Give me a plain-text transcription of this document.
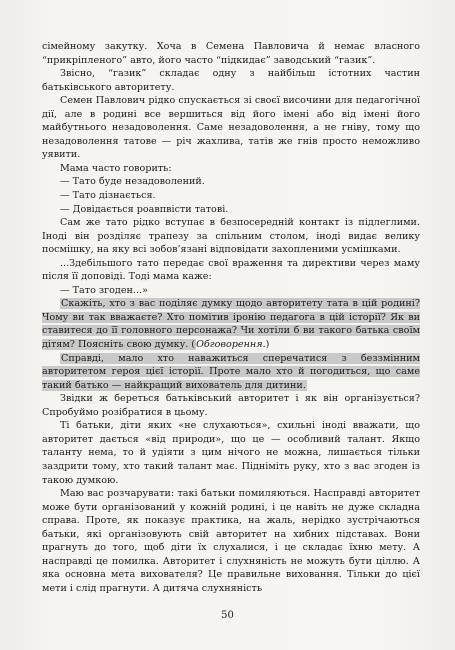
сімейному закутку. Хоча в Семена Павловича й немає власного “прикріпленого” авто, його часто “підкидає” заводський “газик”.

Звісно, “газик” складає одну з найбільш істотних частин батьківського авторитету.

Семен Павлович рідко спускається зі своєї височини для педагогічної дії, але в родині все вершиться від його імені або від імені його майбутнього незадоволення. Саме незадоволення, а не гніву, тому що незадоволення татове — річ жахлива, татів же гнів просто неможливо уявити.

Мама часто говорить:

— Тато буде незадоволений.

— Тато дізнається.

— Довідається роавпвісти татові.

Сам же тато рідко вступає в безпосередній контакт із підлеглими. Іноді він розділяє трапезу за спільним столом, іноді видає велику посмішку, на яку всі зобов’язані відповідати захопленими усмішками.

...Здебільшого тато передає свої враження та директиви через маму після її доповіді. Тоді мама каже:

— Тато згоден...»

Скажіть, хто з вас поділяє думку щодо авторитету тата в цій родині? Чому ви так вважаєте? Хто помітив іронію педагога в цій історії? Як ви ставитеся до її головного персонажа? Чи хотіли б ви такого батька своїм дітям? Поясніть свою думку. (Обговорення.)

Справді, мало хто наважиться сперечатися з беззмінним авторитетом героя цієї історії. Проте мало хто й погодиться, що саме такий батько — найкращий вихователь для дитини.

Звідки ж береться батьківський авторитет і як він організується? Спробуймо розібратися в цьому.

Ті батьки, діти яких «не слухаються», схильні іноді вважати, що авторитет дається «від природи», що це — особливий талант. Якщо таланту нема, то й удіяти з цим нічого не можна, лишається тільки заздрити тому, хто такий талант має. Підніміть руку, хто з вас згоден із такою думкою.

Маю вас розчарувати: такі батьки помиляються. Насправді авторитет може бути організований у кожній родині, і це навіть не дуже складна справа. Проте, як показує практика, на жаль, нерідко зустрічаються батьки, які організовують свій авторитет на хибних підставах. Вони прагнуть до того, щоб діти їх слухалися, і це складає їхню мету. А насправді це помилка. Авторитет і слухняність не можуть бути ціллю. А яка основна мета вихователя? Це правильне виховання. Тільки до цієї мети і слід прагнути. А дитяча слухняність

50
